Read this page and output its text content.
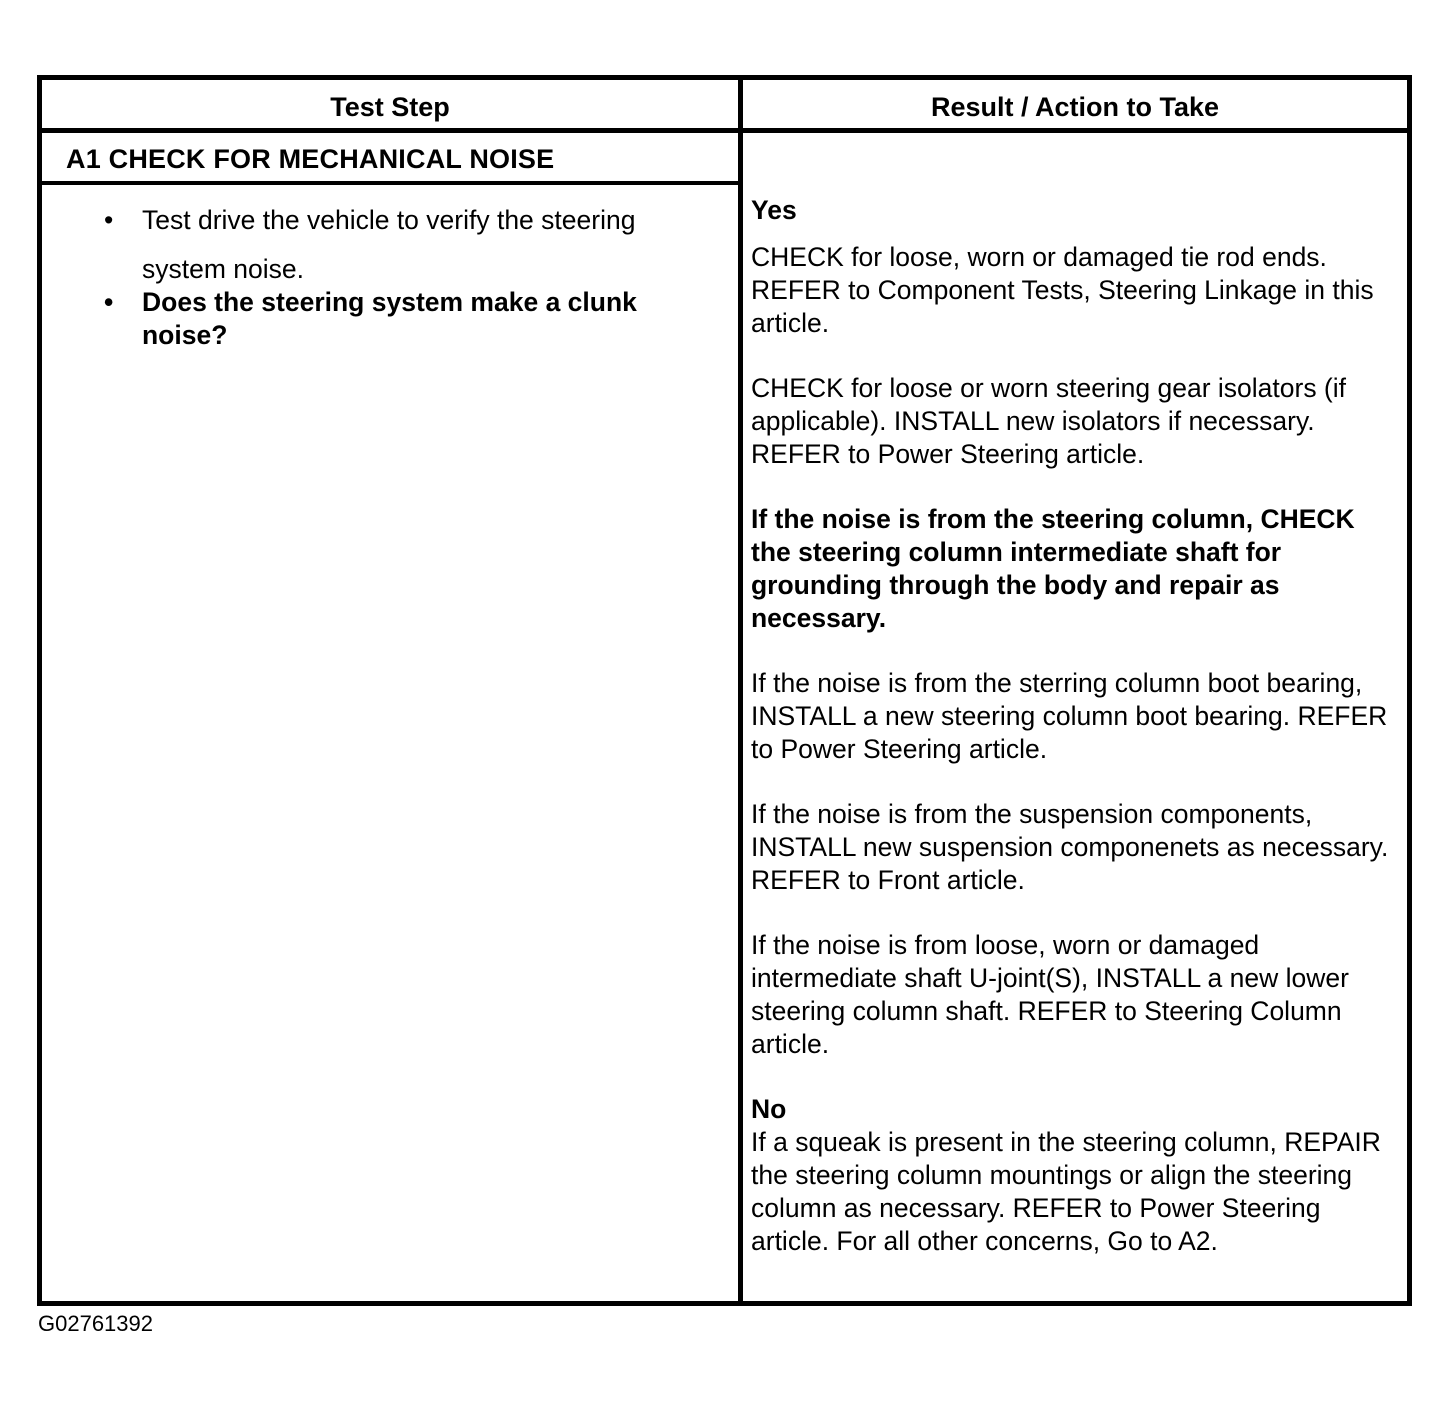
Test Step	Result / Action to Take
A1 CHECK FOR MECHANICAL NOISE
• Test drive the vehicle to verify the steering system noise.
• Does the steering system make a clunk noise?

Yes

CHECK for loose, worn or damaged tie rod ends. REFER to Component Tests, Steering Linkage in this article.

CHECK for loose or worn steering gear isolators (if applicable). INSTALL new isolators if necessary. REFER to Power Steering article.

If the noise is from the steering column, CHECK the steering column intermediate shaft for grounding through the body and repair as necessary.

If the noise is from the sterring column boot bearing, INSTALL a new steering column boot bearing. REFER to Power Steering article.

If the noise is from the suspension components, INSTALL new suspension componenets as necessary. REFER to Front article.

If the noise is from loose, worn or damaged intermediate shaft U-joint(S), INSTALL a new lower steering column shaft. REFER to Steering Column article.

No

If a squeak is present in the steering column, REPAIR the steering column mountings or align the steering column as necessary. REFER to Power Steering article. For all other concerns, Go to A2.

G02761392
